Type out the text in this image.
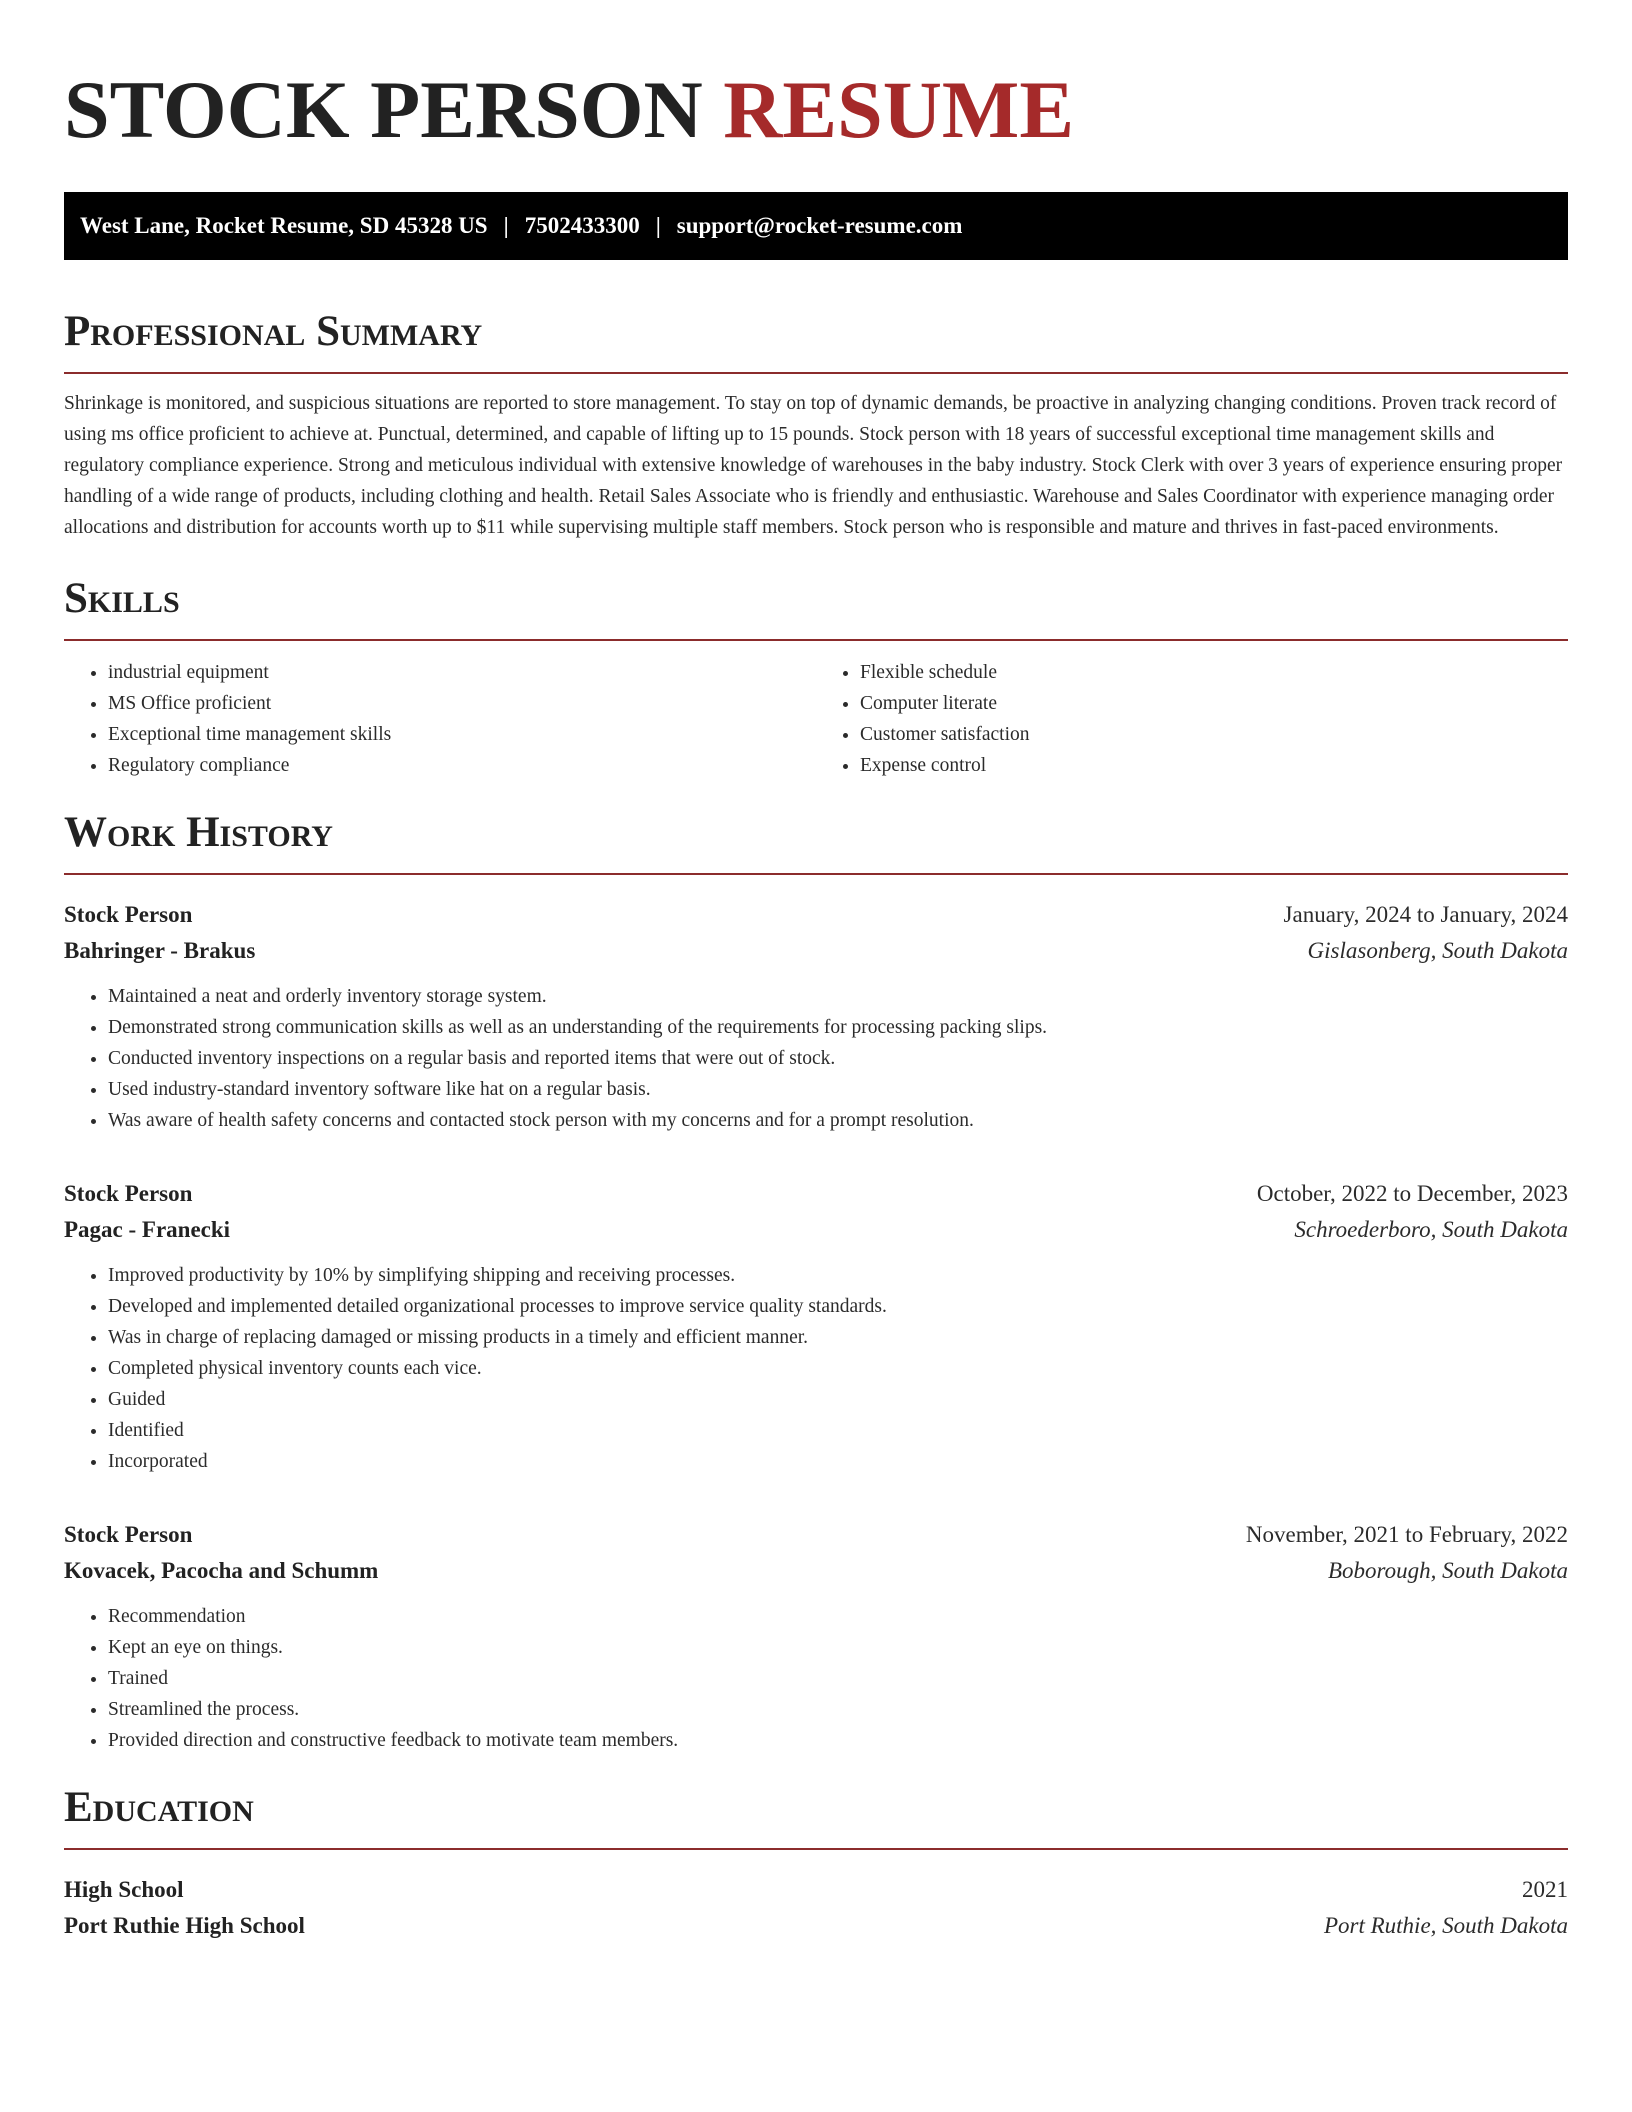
STOCK PERSON RESUME
West Lane, Rocket Resume, SD 45328 US | 7502433300 | support@rocket-resume.com
Professional Summary

Shrinkage is monitored, and suspicious situations are reported to store management. To stay on top of dynamic demands, be proactive in analyzing changing conditions. Proven track record of using ms office proficient to achieve at. Punctual, determined, and capable of lifting up to 15 pounds. Stock person with 18 years of successful exceptional time management skills and regulatory compliance experience. Strong and meticulous individual with extensive knowledge of warehouses in the baby industry. Stock Clerk with over 3 years of experience ensuring proper handling of a wide range of products, including clothing and health. Retail Sales Associate who is friendly and enthusiastic. Warehouse and Sales Coordinator with experience managing order allocations and distribution for accounts worth up to $11 while supervising multiple staff members. Stock person who is responsible and mature and thrives in fast-paced environments.

Skills
• industrial equipment
• MS Office proficient
• Exceptional time management skills
• Regulatory compliance
• Flexible schedule
• Computer literate
• Customer satisfaction
• Expense control
Work History
Stock Person	January, 2024 to January, 2024
Bahringer - Brakus	Gislasonberg, South Dakota
• Maintained a neat and orderly inventory storage system.
• Demonstrated strong communication skills as well as an understanding of the requirements for processing packing slips.
• Conducted inventory inspections on a regular basis and reported items that were out of stock.
• Used industry-standard inventory software like hat on a regular basis.
• Was aware of health safety concerns and contacted stock person with my concerns and for a prompt resolution.
Stock Person	October, 2022 to December, 2023
Pagac - Franecki	Schroederboro, South Dakota
• Improved productivity by 10% by simplifying shipping and receiving processes.
• Developed and implemented detailed organizational processes to improve service quality standards.
• Was in charge of replacing damaged or missing products in a timely and efficient manner.
• Completed physical inventory counts each vice.
• Guided
• Identified
• Incorporated
Stock Person	November, 2021 to February, 2022
Kovacek, Pacocha and Schumm	Boborough, South Dakota
• Recommendation
• Kept an eye on things.
• Trained
• Streamlined the process.
• Provided direction and constructive feedback to motivate team members.
Education
High School	2021
Port Ruthie High School	Port Ruthie, South Dakota
